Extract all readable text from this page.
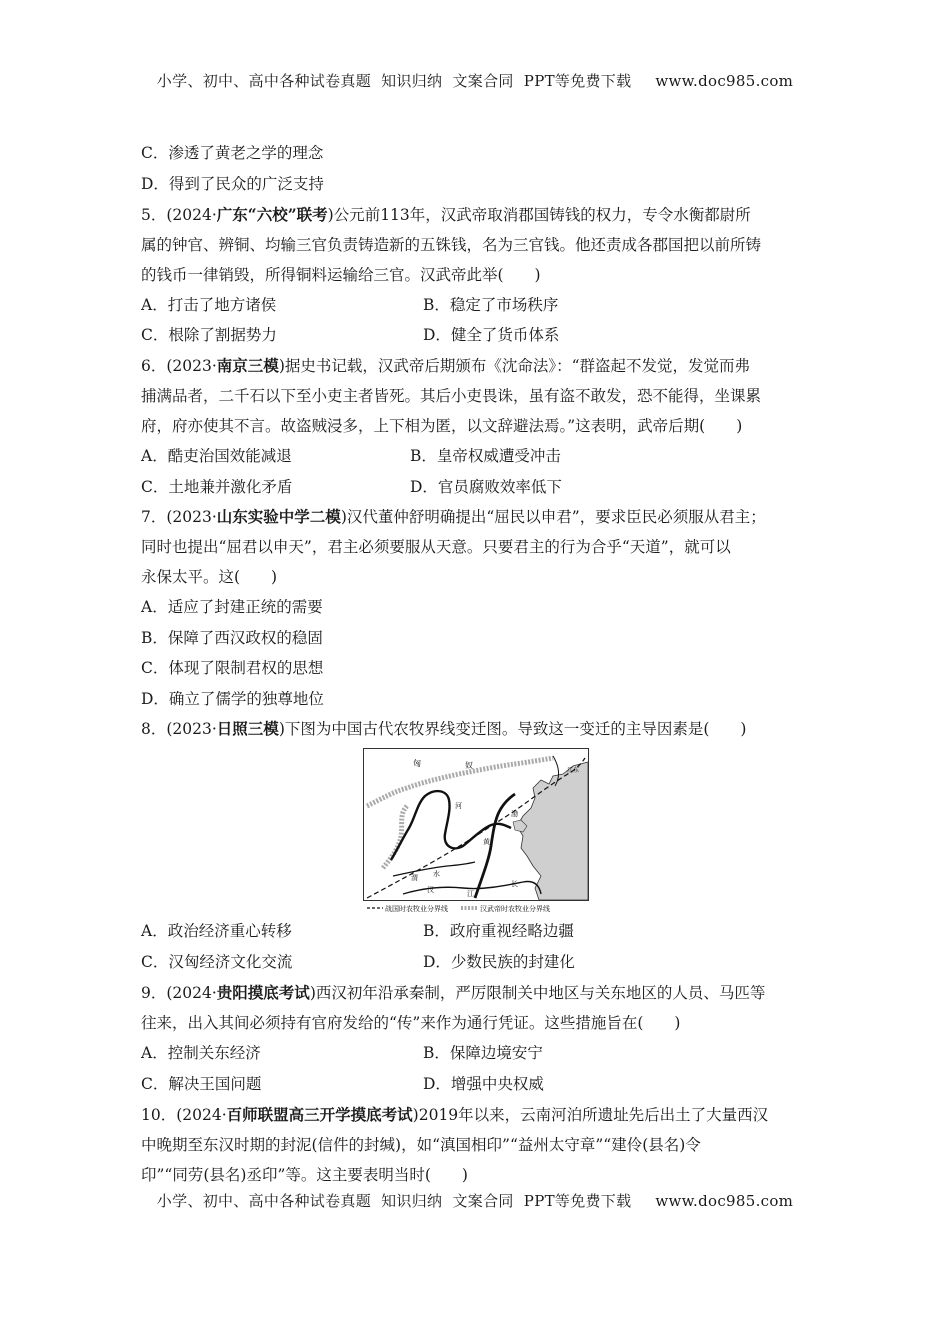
小学、初中、高中各种试卷真题  知识归纳  文案合同  PPT等免费下载 www.doc985.com
C．渗透了黄老之学的理念
D．得到了民众的广泛支持
5．(2024·广东“六校”联考)公元前113年，汉武帝取消郡国铸钱的权力，专令水衡都尉所
属的钟官、辨铜、均输三官负责铸造新的五铢钱，名为三官钱。他还责成各郡国把以前所铸
的钱币一律销毁，所得铜料运输给三官。汉武帝此举(　　)
A．打击了地方诸侯	B．稳定了市场秩序
C．根除了割据势力	D．健全了货币体系
6．(2023·南京三模)据史书记载，汉武帝后期颁布《沈命法》：“群盗起不发觉，发觉而弗
捕满品者，二千石以下至小吏主者皆死。其后小吏畏诛，虽有盗不敢发，恐不能得，坐课累
府，府亦使其不言。故盗贼浸多，上下相为匿，以文辞避法焉。”这表明，武帝后期(　　)
A．酷吏治国效能减退	B．皇帝权威遭受冲击
C．土地兼并激化矛盾	D．官员腐败效率低下
7．(2023·山东实验中学二模)汉代董仲舒明确提出“屈民以申君”，要求臣民必须服从君主；
同时也提出“屈君以申天”，君主必须要服从天意。只要君主的行为合乎“天道”，就可以
永保太平。这(　　)
A．适应了封建正统的需要
B．保障了西汉政权的稳固
C．体现了限制君权的思想
D．确立了儒学的独尊地位
8．(2023·日照三模)下图为中国古代农牧界线变迁图。导致这一变迁的主导因素是(　　)
匈	奴
辽东
河
渤
黄
渭 水
汉	江
长
战国时农牧业分界线	汉武帝时农牧业分界线
A．政治经济重心转移	B．政府重视经略边疆
C．汉匈经济文化交流	D．少数民族的封建化
9．(2024·贵阳摸底考试)西汉初年沿承秦制，严厉限制关中地区与关东地区的人员、马匹等
往来，出入其间必须持有官府发给的“传”来作为通行凭证。这些措施旨在(　　)
A．控制关东经济	B．保障边境安宁
C．解决王国问题	D．增强中央权威
10．(2024·百师联盟高三开学摸底考试)2019年以来，云南河泊所遗址先后出土了大量西汉
中晚期至东汉时期的封泥(信件的封缄)，如“滇国相印”“益州太守章”“建伶(县名)令
印”“同劳(县名)丞印”等。这主要表明当时(　　)
小学、初中、高中各种试卷真题  知识归纳  文案合同  PPT等免费下载 www.doc985.com
